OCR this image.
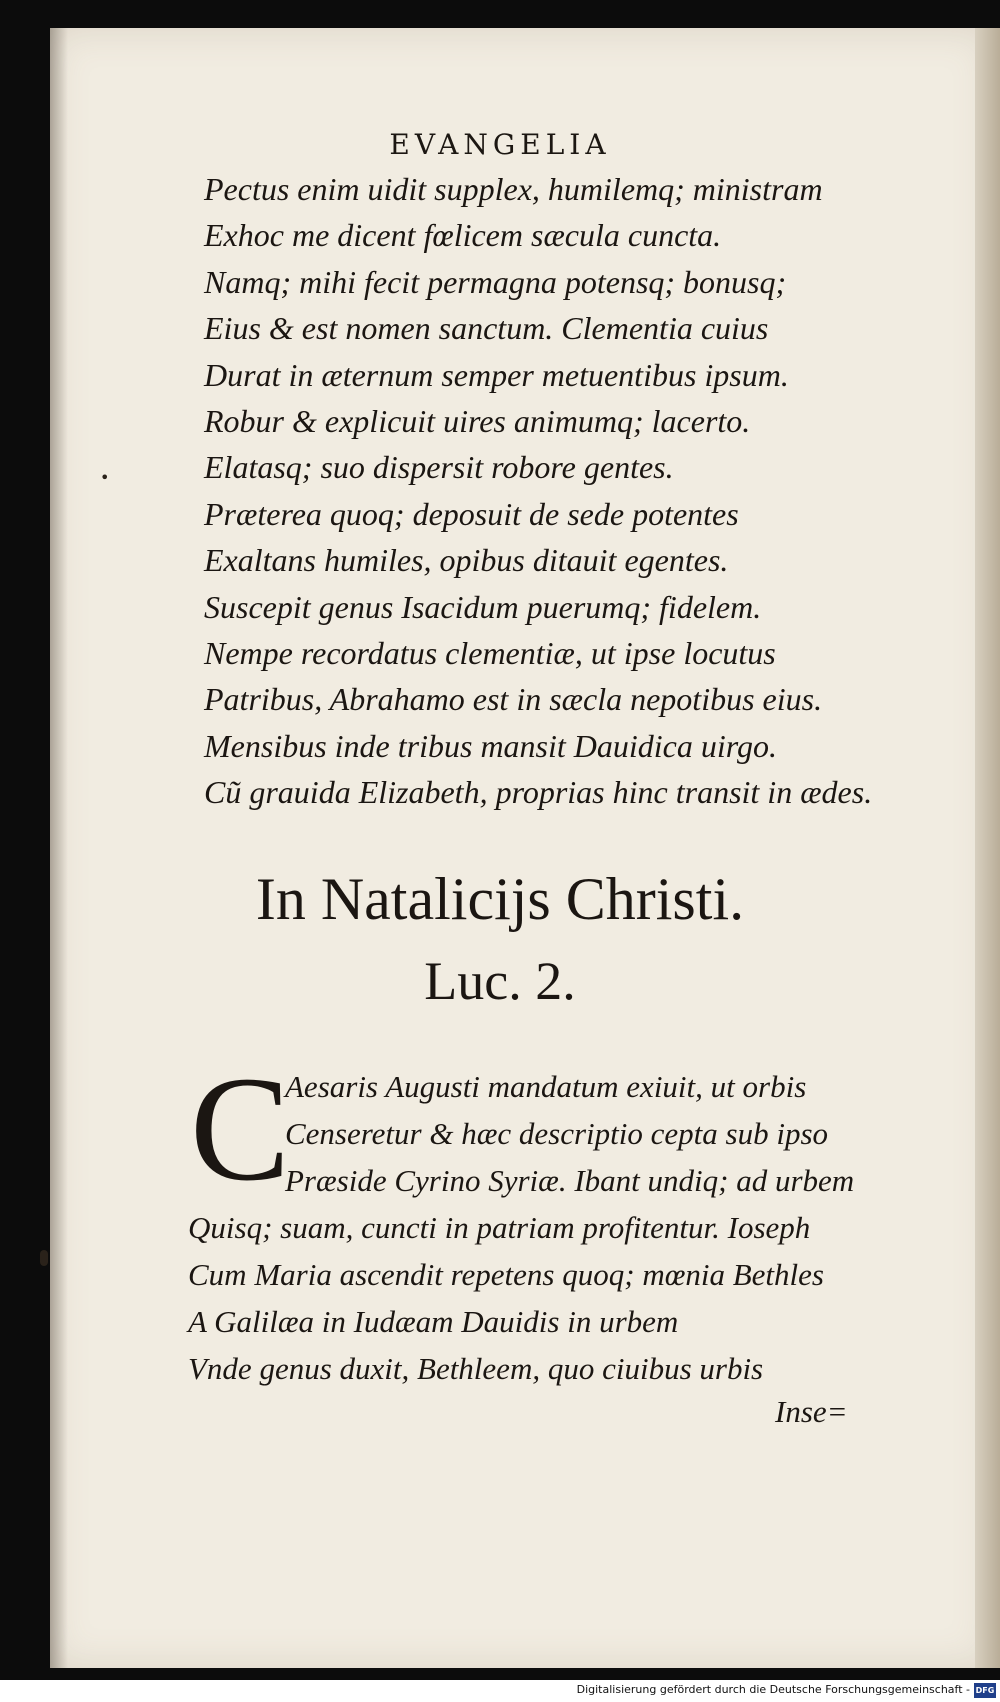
EVANGELIA
Pectus enim uidit supplex, humilemq; ministram
Exhoc me dicent fœlicem sæcula cuncta.
Namq; mihi fecit permagna potensq; bonusq;
Eius & est nomen sanctum. Clementia cuius
Durat in æternum semper metuentibus ipsum.
Robur & explicuit uires animumq; lacerto.
Elatasq; suo dispersit robore gentes.
Præterea quoq; deposuit de sede potentes
Exaltans humiles, opibus ditauit egentes.
Suscepit genus Isacidum puerumq; fidelem.
Nempe recordatus clementiæ, ut ipse locutus
Patribus, Abrahamo est in sæcla nepotibus eius.
Mensibus inde tribus mansit Dauidica uirgo.
Cũ grauida Elizabeth, proprias hinc transit in ædes.
•
In Natalicijs Christi.
Luc. 2.
C
Aesaris Augusti mandatum exiuit, ut orbis
Censeretur & hæc descriptio cepta sub ipso
Præside Cyrino Syriæ. Ibant undiq; ad urbem
Quisq; suam, cuncti in patriam profitentur. Ioseph
Cum Maria ascendit repetens quoq; mœnia Bethles
A Galilæa in Iudæam Dauidis in urbem
Vnde genus duxit, Bethleem, quo ciuibus urbis
Inse=
Digitalisierung gefördert durch die Deutsche Forschungsgemeinschaft - DFG
